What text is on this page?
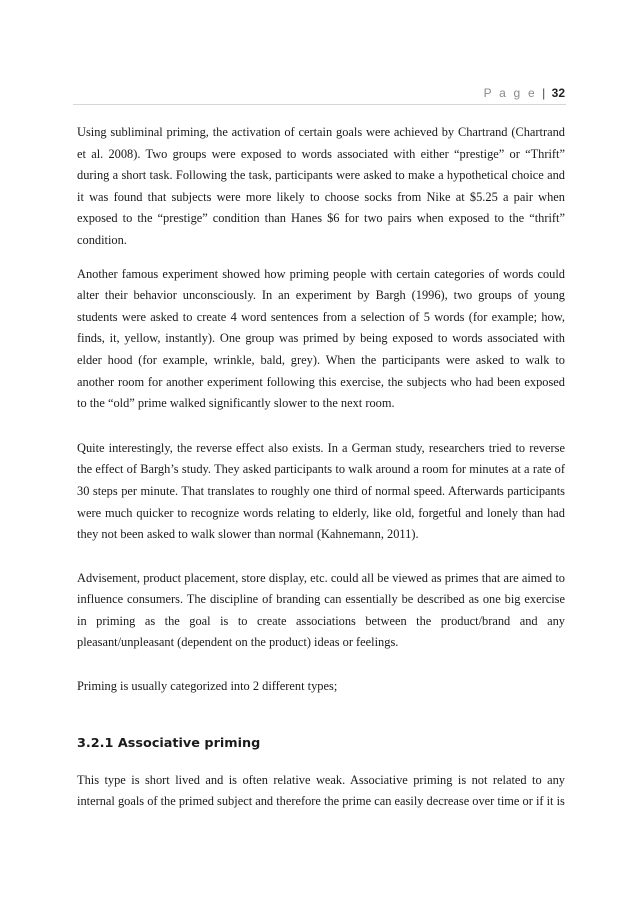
P a g e | 32

Using subliminal priming, the activation of certain goals were achieved by Chartrand (Chartrand et al. 2008). Two groups were exposed to words associated with either “prestige” or “Thrift” during a short task. Following the task, participants were asked to make a hypothetical choice and it was found that subjects were more likely to choose socks from Nike at $5.25 a pair when exposed to the “prestige” condition than Hanes $6 for two pairs when exposed to the “thrift” condition.

Another famous experiment showed how priming people with certain categories of words could alter their behavior unconsciously. In an experiment by Bargh (1996), two groups of young students were asked to create 4 word sentences from a selection of 5 words (for example; how, finds, it, yellow, instantly). One group was primed by being exposed to words associated with elder hood (for example, wrinkle, bald, grey). When the participants were asked to walk to another room for another experiment following this exercise, the subjects who had been exposed to the “old” prime walked significantly slower to the next room.

Quite interestingly, the reverse effect also exists. In a German study, researchers tried to reverse the effect of Bargh’s study. They asked participants to walk around a room for minutes at a rate of 30 steps per minute. That translates to roughly one third of normal speed. Afterwards participants were much quicker to recognize words relating to elderly, like old, forgetful and lonely than had they not been asked to walk slower than normal (Kahnemann, 2011).

Advisement, product placement, store display, etc. could all be viewed as primes that are aimed to influence consumers. The discipline of branding can essentially be described as one big exercise in priming as the goal is to create associations between the product/brand and any pleasant/unpleasant (dependent on the product) ideas or feelings.

Priming is usually categorized into 2 different types;

3.2.1 Associative priming

This type is short lived and is often relative weak. Associative priming is not related to any internal goals of the primed subject and therefore the prime can easily decrease over time or if it is
